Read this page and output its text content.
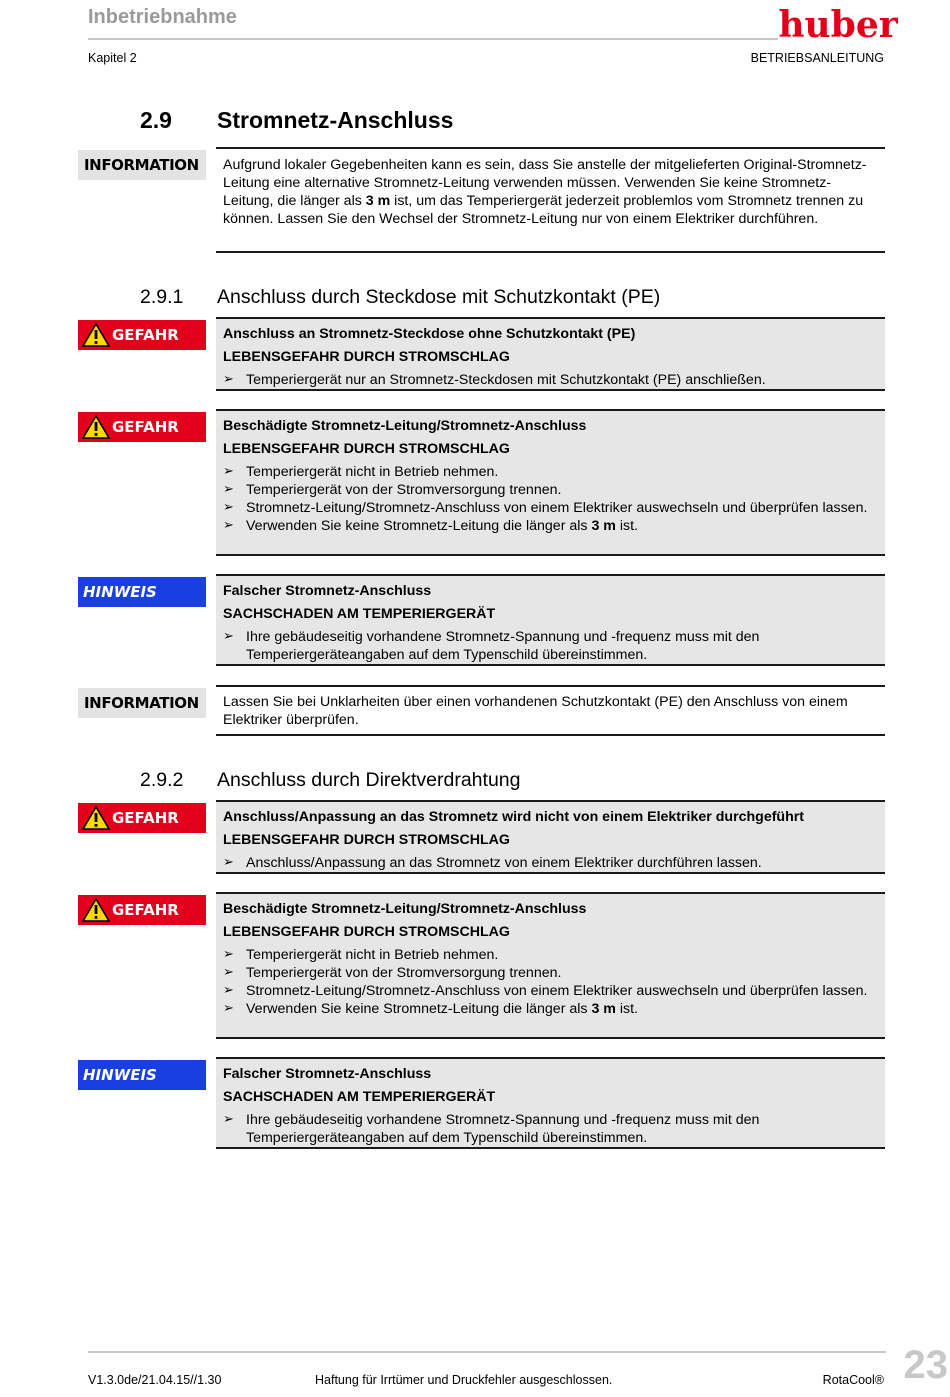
Inbetriebnahme
Kapitel 2	BETRIEBSANLEITUNG
huber
2.9 Stromnetz-Anschluss
INFORMATION	Aufgrund lokaler Gegebenheiten kann es sein, dass Sie anstelle der mitgelieferten Original-Stromnetz-Leitung eine alternative Stromnetz-Leitung verwenden müssen. Verwenden Sie keine Stromnetz-Leitung, die länger als 3 m ist, um das Temperiergerät jederzeit problemlos vom Stromnetz trennen zu können. Lassen Sie den Wechsel der Stromnetz-Leitung nur von einem Elektriker durchführen.
2.9.1 Anschluss durch Steckdose mit Schutzkontakt (PE)
GEFAHR	Anschluss an Stromnetz-Steckdose ohne Schutzkontakt (PE)
LEBENSGEFAHR DURCH STROMSCHLAG
➢ Temperiergerät nur an Stromnetz-Steckdosen mit Schutzkontakt (PE) anschließen.
GEFAHR	Beschädigte Stromnetz-Leitung/Stromnetz-Anschluss
LEBENSGEFAHR DURCH STROMSCHLAG
➢ Temperiergerät nicht in Betrieb nehmen.
➢ Temperiergerät von der Stromversorgung trennen.
➢ Stromnetz-Leitung/Stromnetz-Anschluss von einem Elektriker auswechseln und überprüfen lassen.
➢ Verwenden Sie keine Stromnetz-Leitung die länger als 3 m ist.
HINWEIS	Falscher Stromnetz-Anschluss
SACHSCHADEN AM TEMPERIERGERÄT
➢ Ihre gebäudeseitig vorhandene Stromnetz-Spannung und -frequenz muss mit den Temperiergeräteangaben auf dem Typenschild übereinstimmen.
INFORMATION	Lassen Sie bei Unklarheiten über einen vorhandenen Schutzkontakt (PE) den Anschluss von einem Elektriker überprüfen.
2.9.2 Anschluss durch Direktverdrahtung
GEFAHR	Anschluss/Anpassung an das Stromnetz wird nicht von einem Elektriker durchgeführt
LEBENSGEFAHR DURCH STROMSCHLAG
➢ Anschluss/Anpassung an das Stromnetz von einem Elektriker durchführen lassen.
GEFAHR	Beschädigte Stromnetz-Leitung/Stromnetz-Anschluss
LEBENSGEFAHR DURCH STROMSCHLAG
➢ Temperiergerät nicht in Betrieb nehmen.
➢ Temperiergerät von der Stromversorgung trennen.
➢ Stromnetz-Leitung/Stromnetz-Anschluss von einem Elektriker auswechseln und überprüfen lassen.
➢ Verwenden Sie keine Stromnetz-Leitung die länger als 3 m ist.
HINWEIS	Falscher Stromnetz-Anschluss
SACHSCHADEN AM TEMPERIERGERÄT
➢ Ihre gebäudeseitig vorhandene Stromnetz-Spannung und -frequenz muss mit den Temperiergeräteangaben auf dem Typenschild übereinstimmen.
V1.3.0de/21.04.15//1.30	Haftung für Irrtümer und Druckfehler ausgeschlossen.	RotaCool® 23
